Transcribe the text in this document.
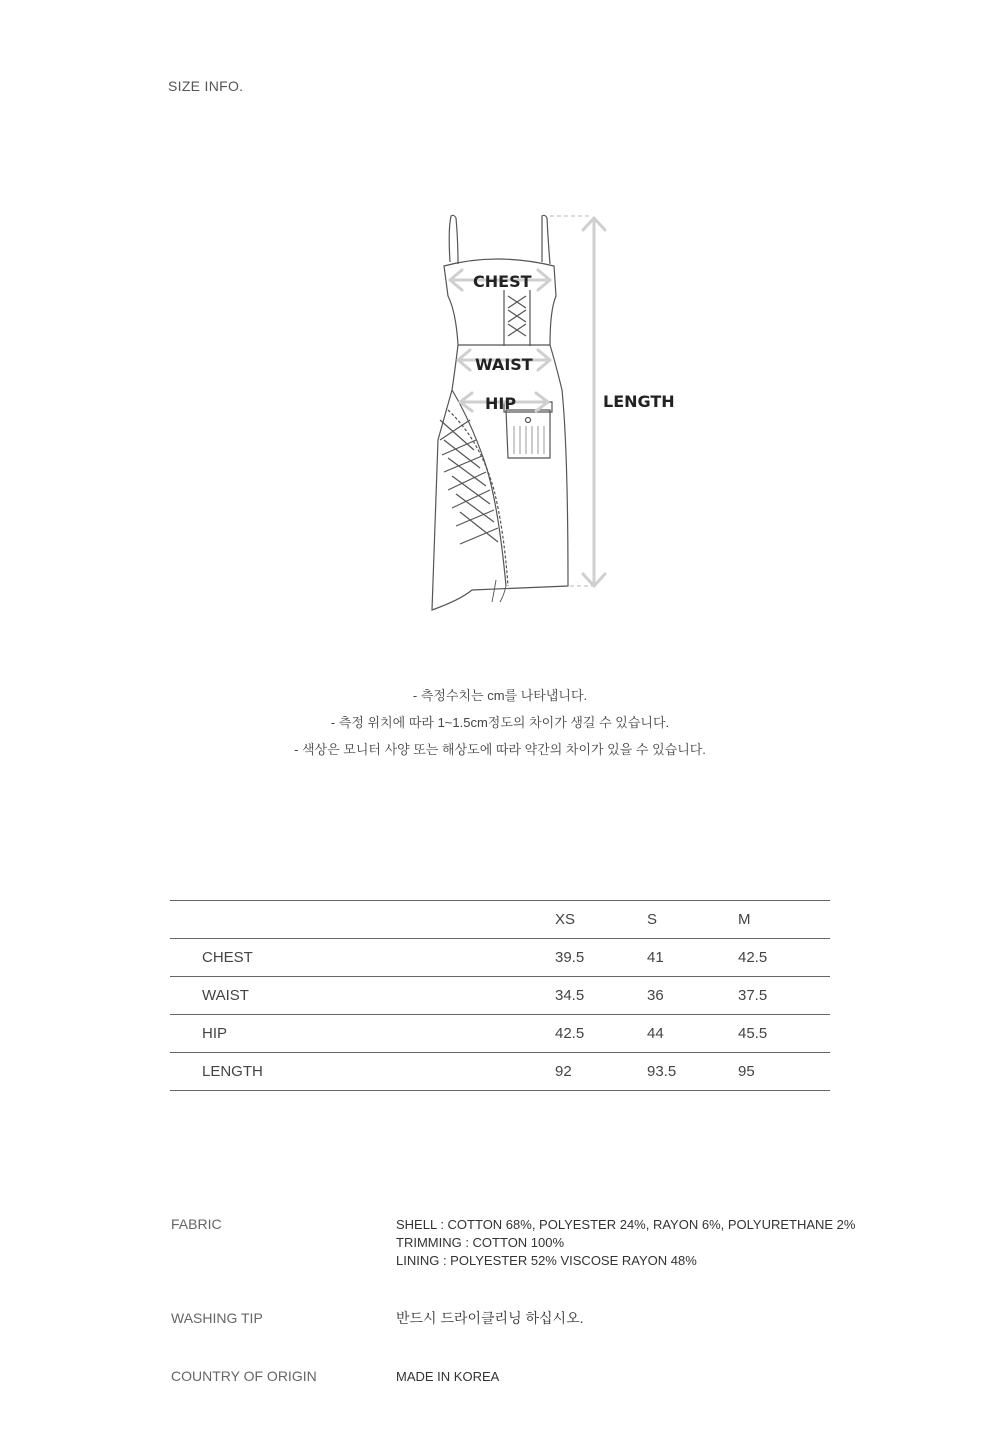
SIZE INFO.
CHEST
WAIST
HIP	LENGTH
- 측정수치는 cm를 나타냅니다.
- 측정 위치에 따라 1~1.5cm정도의 차이가 생길 수 있습니다.
- 색상은 모니터 사양 또는 해상도에 따라 약간의 차이가 있을 수 있습니다.
	XS	S	M
CHEST	39.5	41	42.5
WAIST	34.5	36	37.5
HIP	42.5	44	45.5
LENGTH	92	93.5	95
FABRIC	SHELL : COTTON 68%, POLYESTER 24%, RAYON 6%, POLYURETHANE 2%
TRIMMING : COTTON 100%
LINING : POLYESTER 52% VISCOSE RAYON 48%
WASHING TIP	반드시 드라이클리닝 하십시오.
COUNTRY OF ORIGIN	MADE IN KOREA
